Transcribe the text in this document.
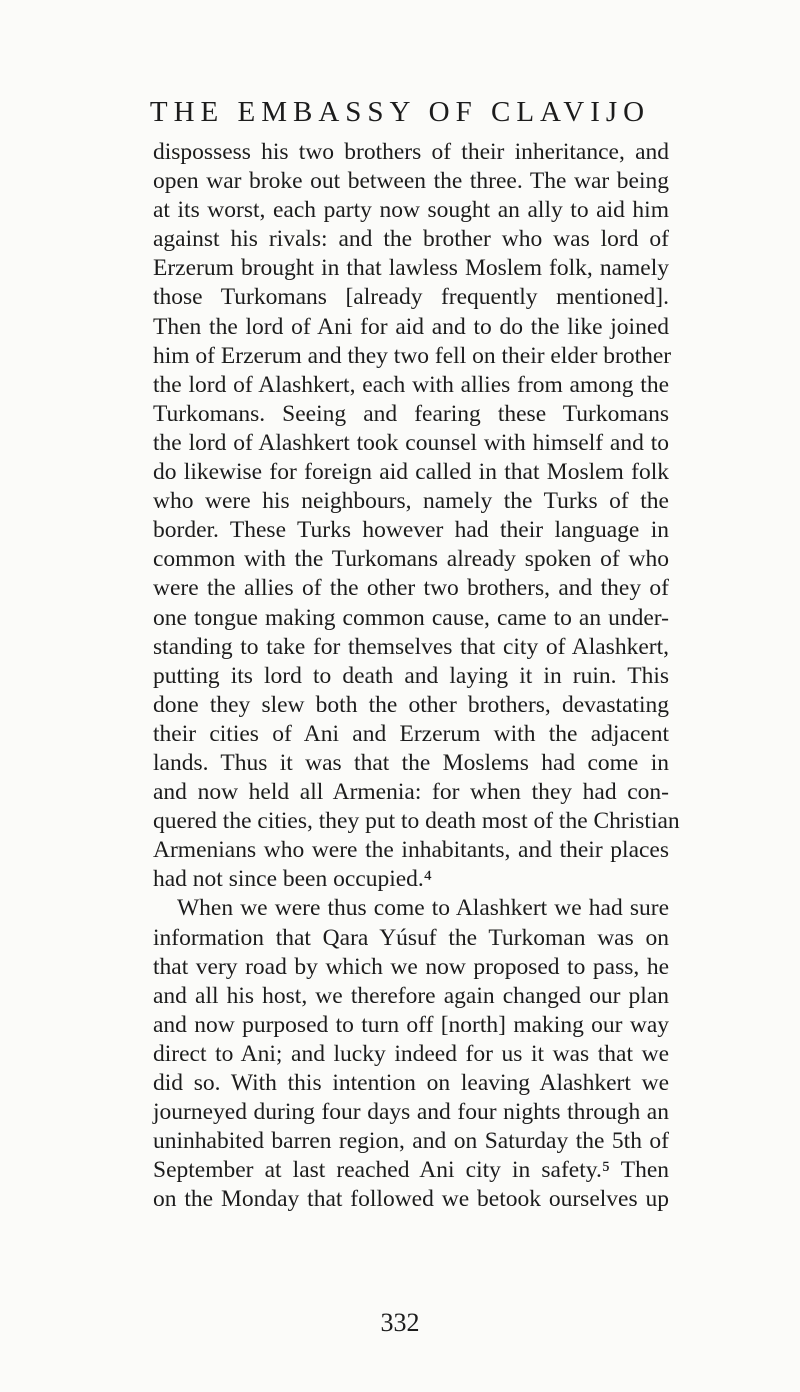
THE EMBASSY OF CLAVIJO
dispossess his two brothers of their inheritance, and
open war broke out between the three. The war being
at its worst, each party now sought an ally to aid him
against his rivals: and the brother who was lord of
Erzerum brought in that lawless Moslem folk, namely
those Turkomans [already frequently mentioned].
Then the lord of Ani for aid and to do the like joined
him of Erzerum and they two fell on their elder brother
the lord of Alashkert, each with allies from among the
Turkomans. Seeing and fearing these Turkomans
the lord of Alashkert took counsel with himself and to
do likewise for foreign aid called in that Moslem folk
who were his neighbours, namely the Turks of the
border. These Turks however had their language in
common with the Turkomans already spoken of who
were the allies of the other two brothers, and they of
one tongue making common cause, came to an under-
standing to take for themselves that city of Alashkert,
putting its lord to death and laying it in ruin. This
done they slew both the other brothers, devastating
their cities of Ani and Erzerum with the adjacent
lands. Thus it was that the Moslems had come in
and now held all Armenia: for when they had con-
quered the cities, they put to death most of the Christian
Armenians who were the inhabitants, and their places
had not since been occupied.⁴
When we were thus come to Alashkert we had sure
information that Qara Yúsuf the Turkoman was on
that very road by which we now proposed to pass, he
and all his host, we therefore again changed our plan
and now purposed to turn off [north] making our way
direct to Ani; and lucky indeed for us it was that we
did so. With this intention on leaving Alashkert we
journeyed during four days and four nights through an
uninhabited barren region, and on Saturday the 5th of
September at last reached Ani city in safety.⁵ Then
on the Monday that followed we betook ourselves up
332
